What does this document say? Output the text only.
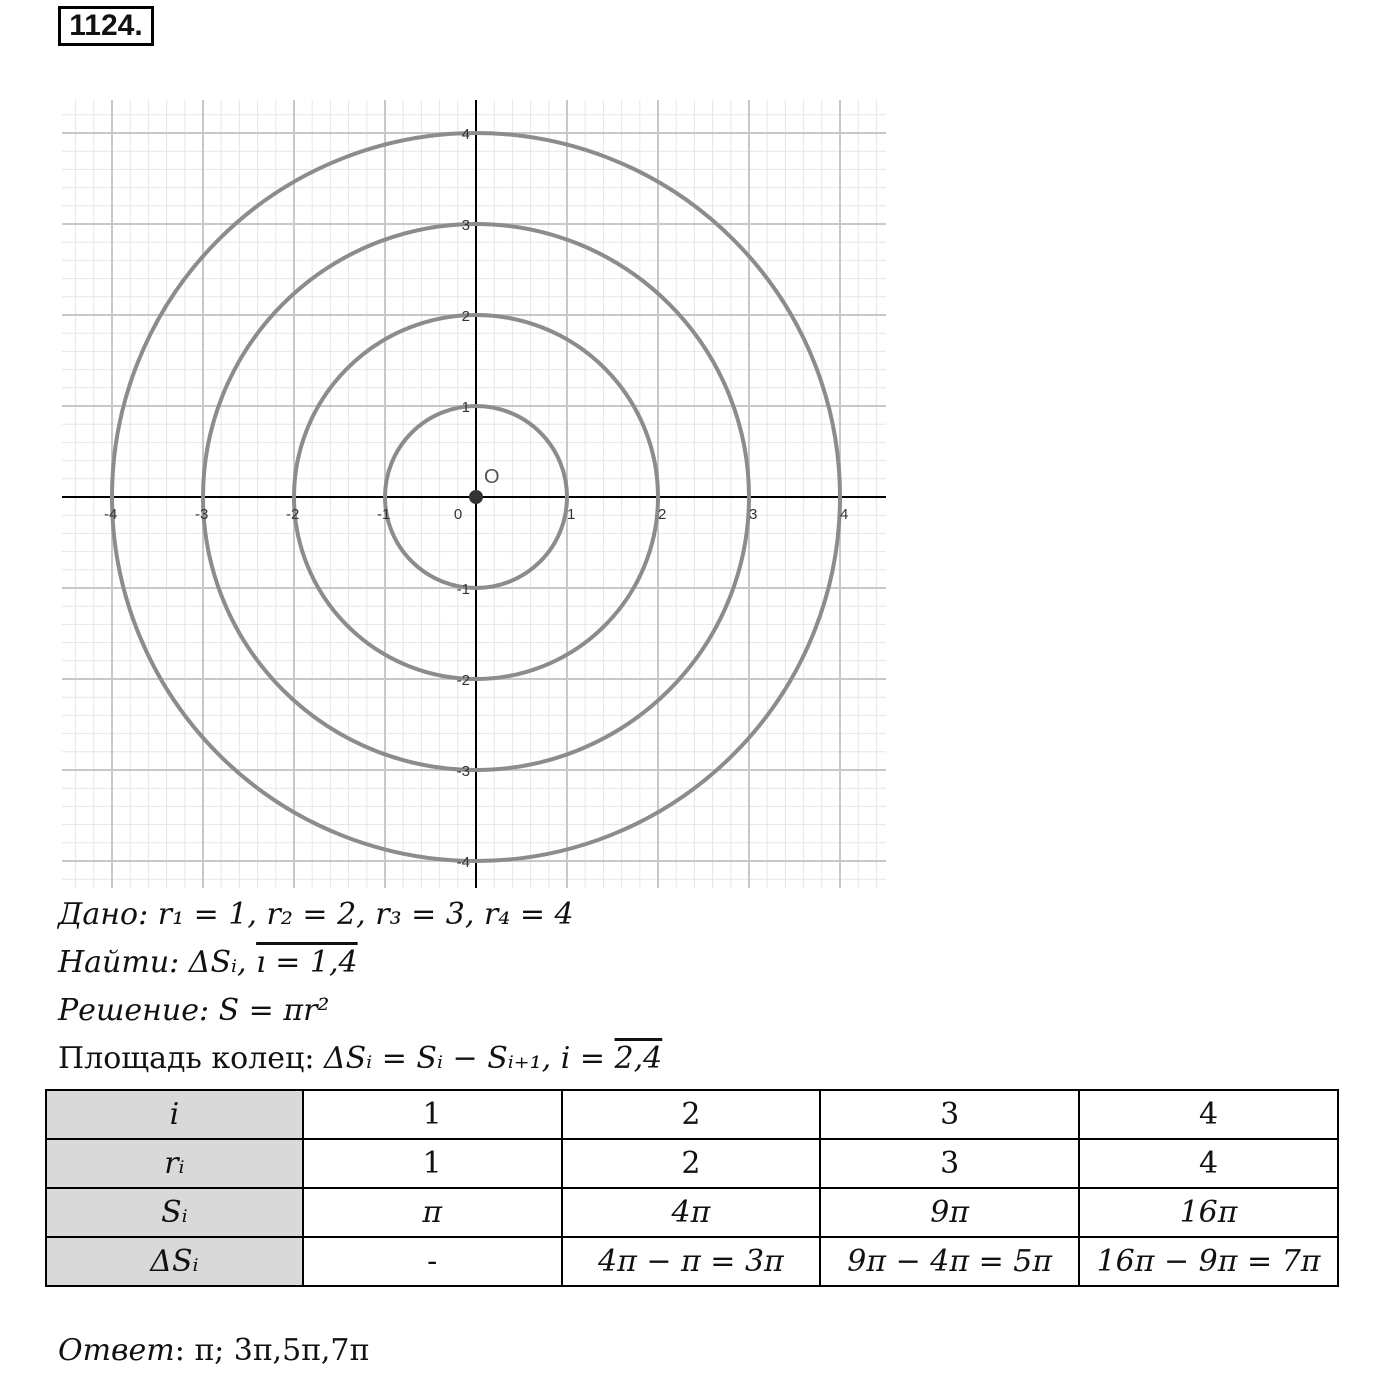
1124.
-4	-3	-2	-1	0	1	2	3	4
4
3
2
1
-1
-2
-3
-4
O
Дано: r₁ = 1, r₂ = 2, r₃ = 3, r₄ = 4
Найти: ΔSᵢ, ı = 1,4
Решение: S = πr²
Площадь колец: ΔSᵢ = Sᵢ − Sᵢ₊₁, i = 2,4
i	1	2	3	4
rᵢ	1	2	3	4
Sᵢ	π	4π	9π	16π
ΔSᵢ	-	4π − π = 3π	9π − 4π = 5π	16π − 9π = 7π
Ответ: π; 3π,5π,7π
